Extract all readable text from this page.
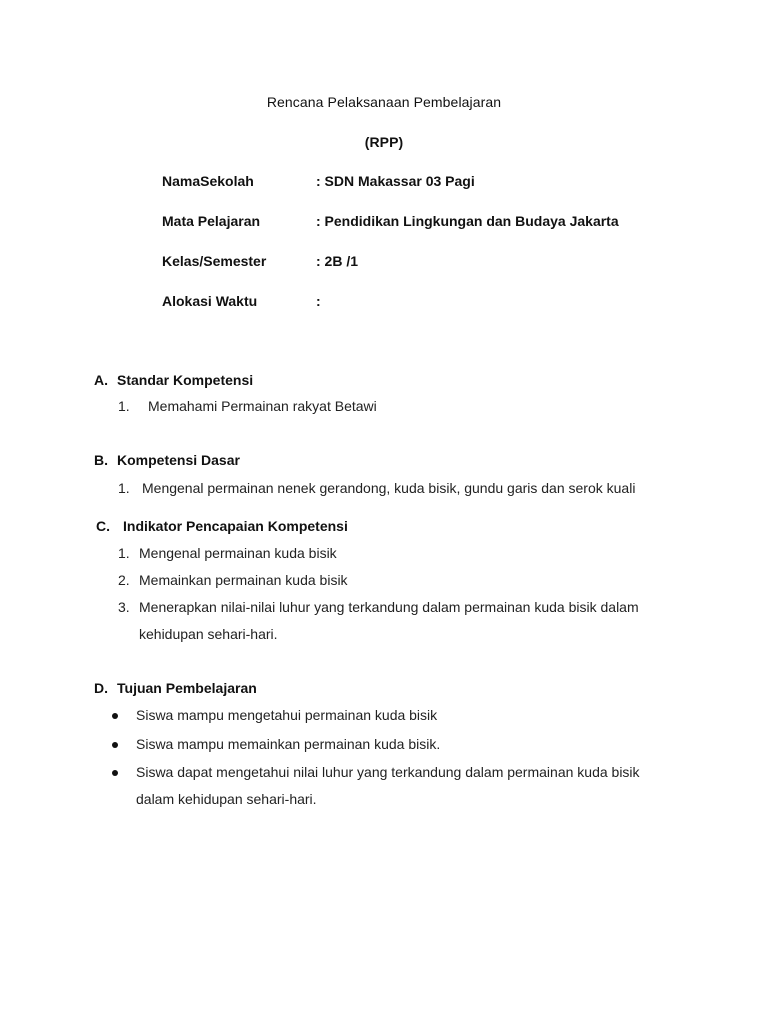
Rencana Pelaksanaan Pembelajaran
(RPP)
NamaSekolah	: SDN Makassar 03 Pagi
Mata Pelajaran	: Pendidikan Lingkungan dan Budaya Jakarta
Kelas/Semester	: 2B /1
Alokasi Waktu	:
A. Standar Kompetensi
1. Memahami Permainan rakyat Betawi
B. Kompetensi Dasar
1. Mengenal permainan nenek gerandong, kuda bisik, gundu garis dan serok kuali
C. Indikator Pencapaian Kompetensi
1. Mengenal permainan kuda bisik
2. Memainkan permainan kuda bisik
3. Menerapkan nilai-nilai luhur yang terkandung dalam permainan kuda bisik dalam
kehidupan sehari-hari.
D. Tujuan Pembelajaran
Siswa mampu mengetahui permainan kuda bisik
Siswa mampu memainkan permainan kuda bisik.
Siswa dapat mengetahui nilai luhur yang terkandung dalam permainan kuda bisik
dalam kehidupan sehari-hari.
